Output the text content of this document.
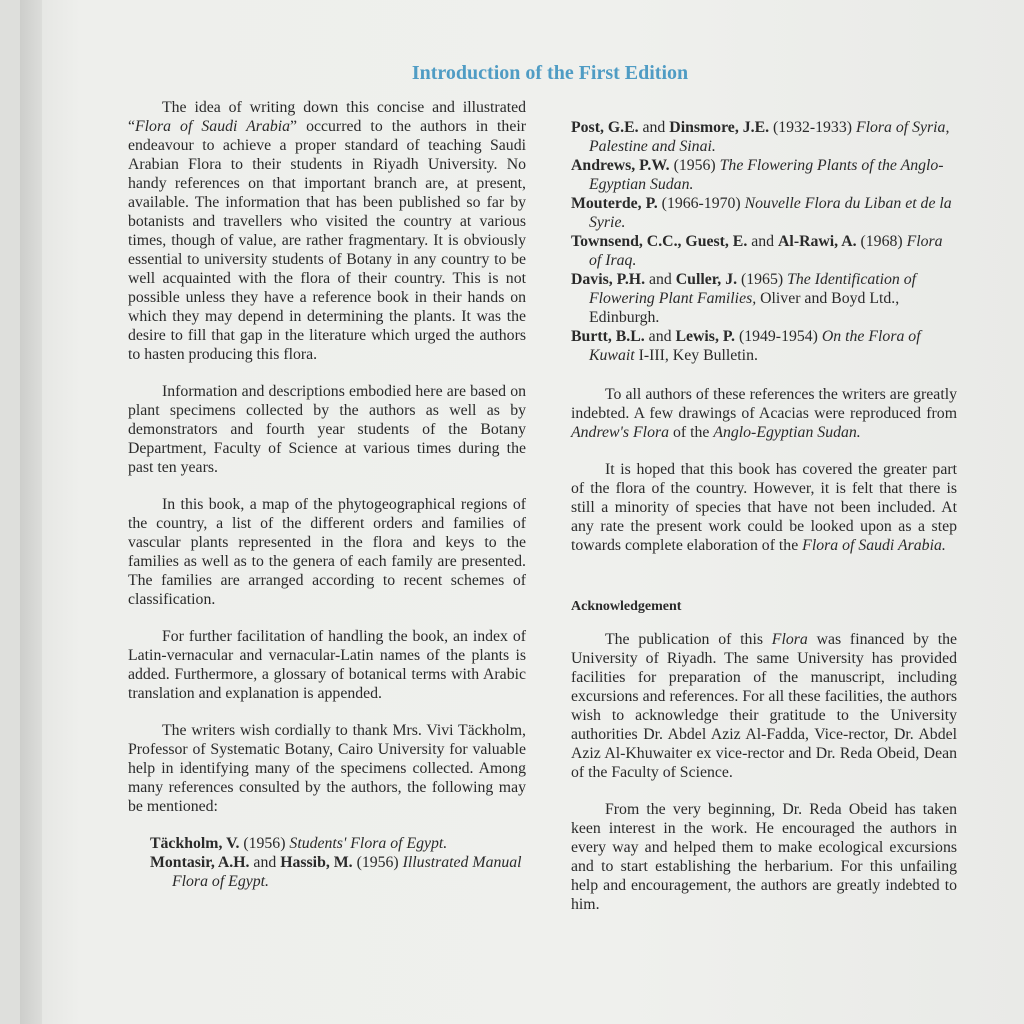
Introduction of the First Edition

The idea of writing down this concise and illustrated “Flora of Saudi Arabia” occurred to the authors in their endeavour to achieve a proper standard of teaching Saudi Arabian Flora to their students in Riyadh University. No handy references on that important branch are, at present, available. The information that has been published so far by botanists and travellers who visited the country at various times, though of value, are rather fragmentary. It is obviously essential to university students of Botany in any country to be well acquainted with the flora of their country. This is not possible unless they have a reference book in their hands on which they may depend in determining the plants. It was the desire to fill that gap in the literature which urged the authors to hasten producing this flora.

Information and descriptions embodied here are based on plant specimens collected by the authors as well as by demonstrators and fourth year students of the Botany Department, Faculty of Science at various times during the past ten years.

In this book, a map of the phytogeographical regions of the country, a list of the different orders and families of vascular plants represented in the flora and keys to the families as well as to the genera of each family are presented. The families are arranged according to recent schemes of classification.

For further facilitation of handling the book, an index of Latin-vernacular and vernacular-Latin names of the plants is added. Furthermore, a glossary of botanical terms with Arabic translation and explanation is appended.

The writers wish cordially to thank Mrs. Vivi Täckholm, Professor of Systematic Botany, Cairo University for valuable help in identifying many of the specimens collected. Among many references consulted by the authors, the following may be mentioned:

Täckholm, V. (1956) Students' Flora of Egypt.
Montasir, A.H. and Hassib, M. (1956) Illustrated Manual Flora of Egypt.
Post, G.E. and Dinsmore, J.E. (1932-1933) Flora of Syria, Palestine and Sinai.
Andrews, P.W. (1956) The Flowering Plants of the Anglo-Egyptian Sudan.
Mouterde, P. (1966-1970) Nouvelle Flora du Liban et de la Syrie.
Townsend, C.C., Guest, E. and Al-Rawi, A. (1968) Flora of Iraq.
Davis, P.H. and Culler, J. (1965) The Identification of Flowering Plant Families, Oliver and Boyd Ltd., Edinburgh.
Burtt, B.L. and Lewis, P. (1949-1954) On the Flora of Kuwait I-III, Key Bulletin.

To all authors of these references the writers are greatly indebted. A few drawings of Acacias were reproduced from Andrew's Flora of the Anglo-Egyptian Sudan.

It is hoped that this book has covered the greater part of the flora of the country. However, it is felt that there is still a minority of species that have not been included. At any rate the present work could be looked upon as a step towards complete elaboration of the Flora of Saudi Arabia.

Acknowledgement

The publication of this Flora was financed by the University of Riyadh. The same University has provided facilities for preparation of the manuscript, including excursions and references. For all these facilities, the authors wish to acknowledge their gratitude to the University authorities Dr. Abdel Aziz Al-Fadda, Vice-rector, Dr. Abdel Aziz Al-Khuwaiter ex vice-rector and Dr. Reda Obeid, Dean of the Faculty of Science.

From the very beginning, Dr. Reda Obeid has taken keen interest in the work. He encouraged the authors in every way and helped them to make ecological excursions and to start establishing the herbarium. For this unfailing help and encouragement, the authors are greatly indebted to him.
